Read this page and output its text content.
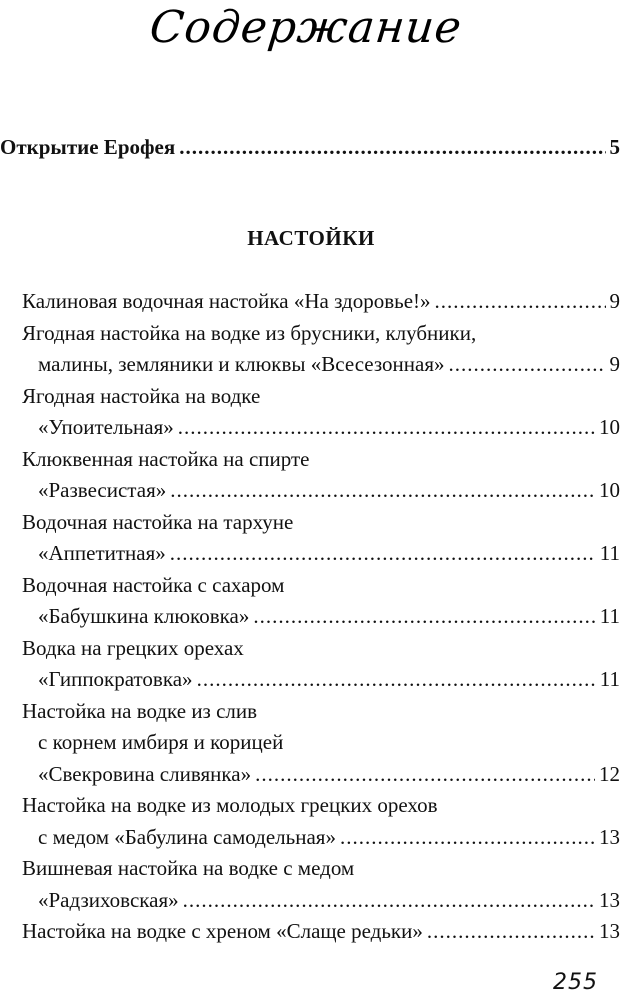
Содержание
Открытие Ерофея .....	5
НАСТОЙКИ
Калиновая водочная настойка «На здоровье!» .....	9
Ягодная настойка на водке из брусники, клубники,
малины, земляники и клюквы «Всесезонная» .....	9
Ягодная настойка на водке
«Упоительная» .....	10
Клюквенная настойка на спирте
«Развесистая» .....	10
Водочная настойка на тархуне
«Аппетитная» .....	11
Водочная настойка с сахаром
«Бабушкина клюковка» .....	11
Водка на грецких орехах
«Гиппократовка» .....	11
Настойка на водке из слив
с корнем имбиря и корицей
«Свекровина сливянка» .....	12
Настойка на водке из молодых грецких орехов
с медом «Бабулина самодельная» .....	13
Вишневая настойка на водке с медом
«Радзиховская» .....	13
Настойка на водке с хреном «Слаще редьки» .....	13
255
